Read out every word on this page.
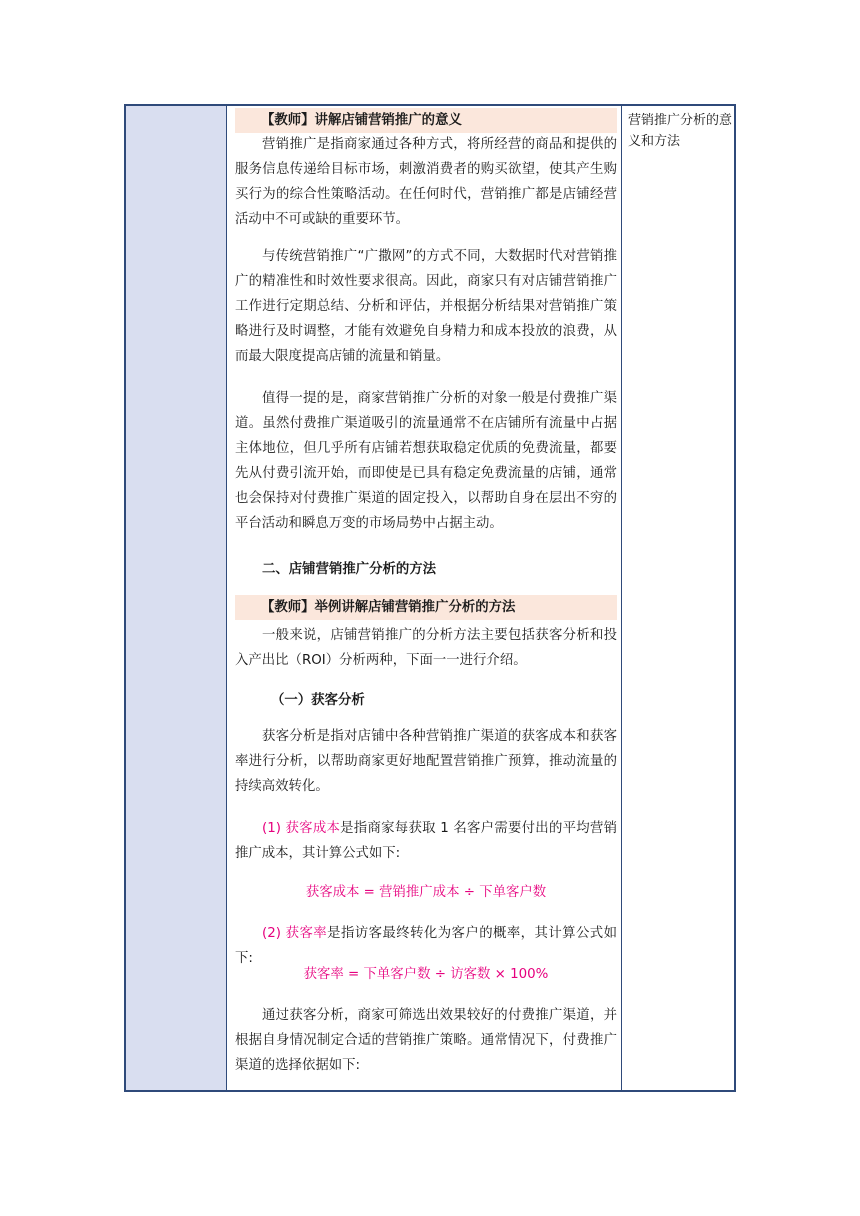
【教师】讲解店铺营销推广的意义

营销推广是指商家通过各种方式，将所经营的商品和提供的服务信息传递给目标市场，刺激消费者的购买欲望，使其产生购买行为的综合性策略活动。在任何时代，营销推广都是店铺经营活动中不可或缺的重要环节。

与传统营销推广“广撒网”的方式不同，大数据时代对营销推广的精准性和时效性要求很高。因此，商家只有对店铺营销推广工作进行定期总结、分析和评估，并根据分析结果对营销推广策略进行及时调整，才能有效避免自身精力和成本投放的浪费，从而最大限度提高店铺的流量和销量。

值得一提的是，商家营销推广分析的对象一般是付费推广渠道。虽然付费推广渠道吸引的流量通常不在店铺所有流量中占据主体地位，但几乎所有店铺若想获取稳定优质的免费流量，都要先从付费引流开始，而即使是已具有稳定免费流量的店铺，通常也会保持对付费推广渠道的固定投入，以帮助自身在层出不穷的平台活动和瞬息万变的市场局势中占据主动。

二、店铺营销推广分析的方法

【教师】举例讲解店铺营销推广分析的方法

一般来说，店铺营销推广的分析方法主要包括获客分析和投入产出比（ROI）分析两种，下面一一进行介绍。

（一）获客分析

获客分析是指对店铺中各种营销推广渠道的获客成本和获客率进行分析，以帮助商家更好地配置营销推广预算，推动流量的持续高效转化。

(1) 获客成本是指商家每获取 1 名客户需要付出的平均营销推广成本，其计算公式如下:

获客成本 = 营销推广成本 ÷ 下单客户数

(2) 获客率是指访客最终转化为客户的概率，其计算公式如下:

获客率 = 下单客户数 ÷ 访客数 × 100%

通过获客分析，商家可筛选出效果较好的付费推广渠道，并根据自身情况制定合适的营销推广策略。通常情况下，付费推广渠道的选择依据如下:

营销推广分析的意义和方法
